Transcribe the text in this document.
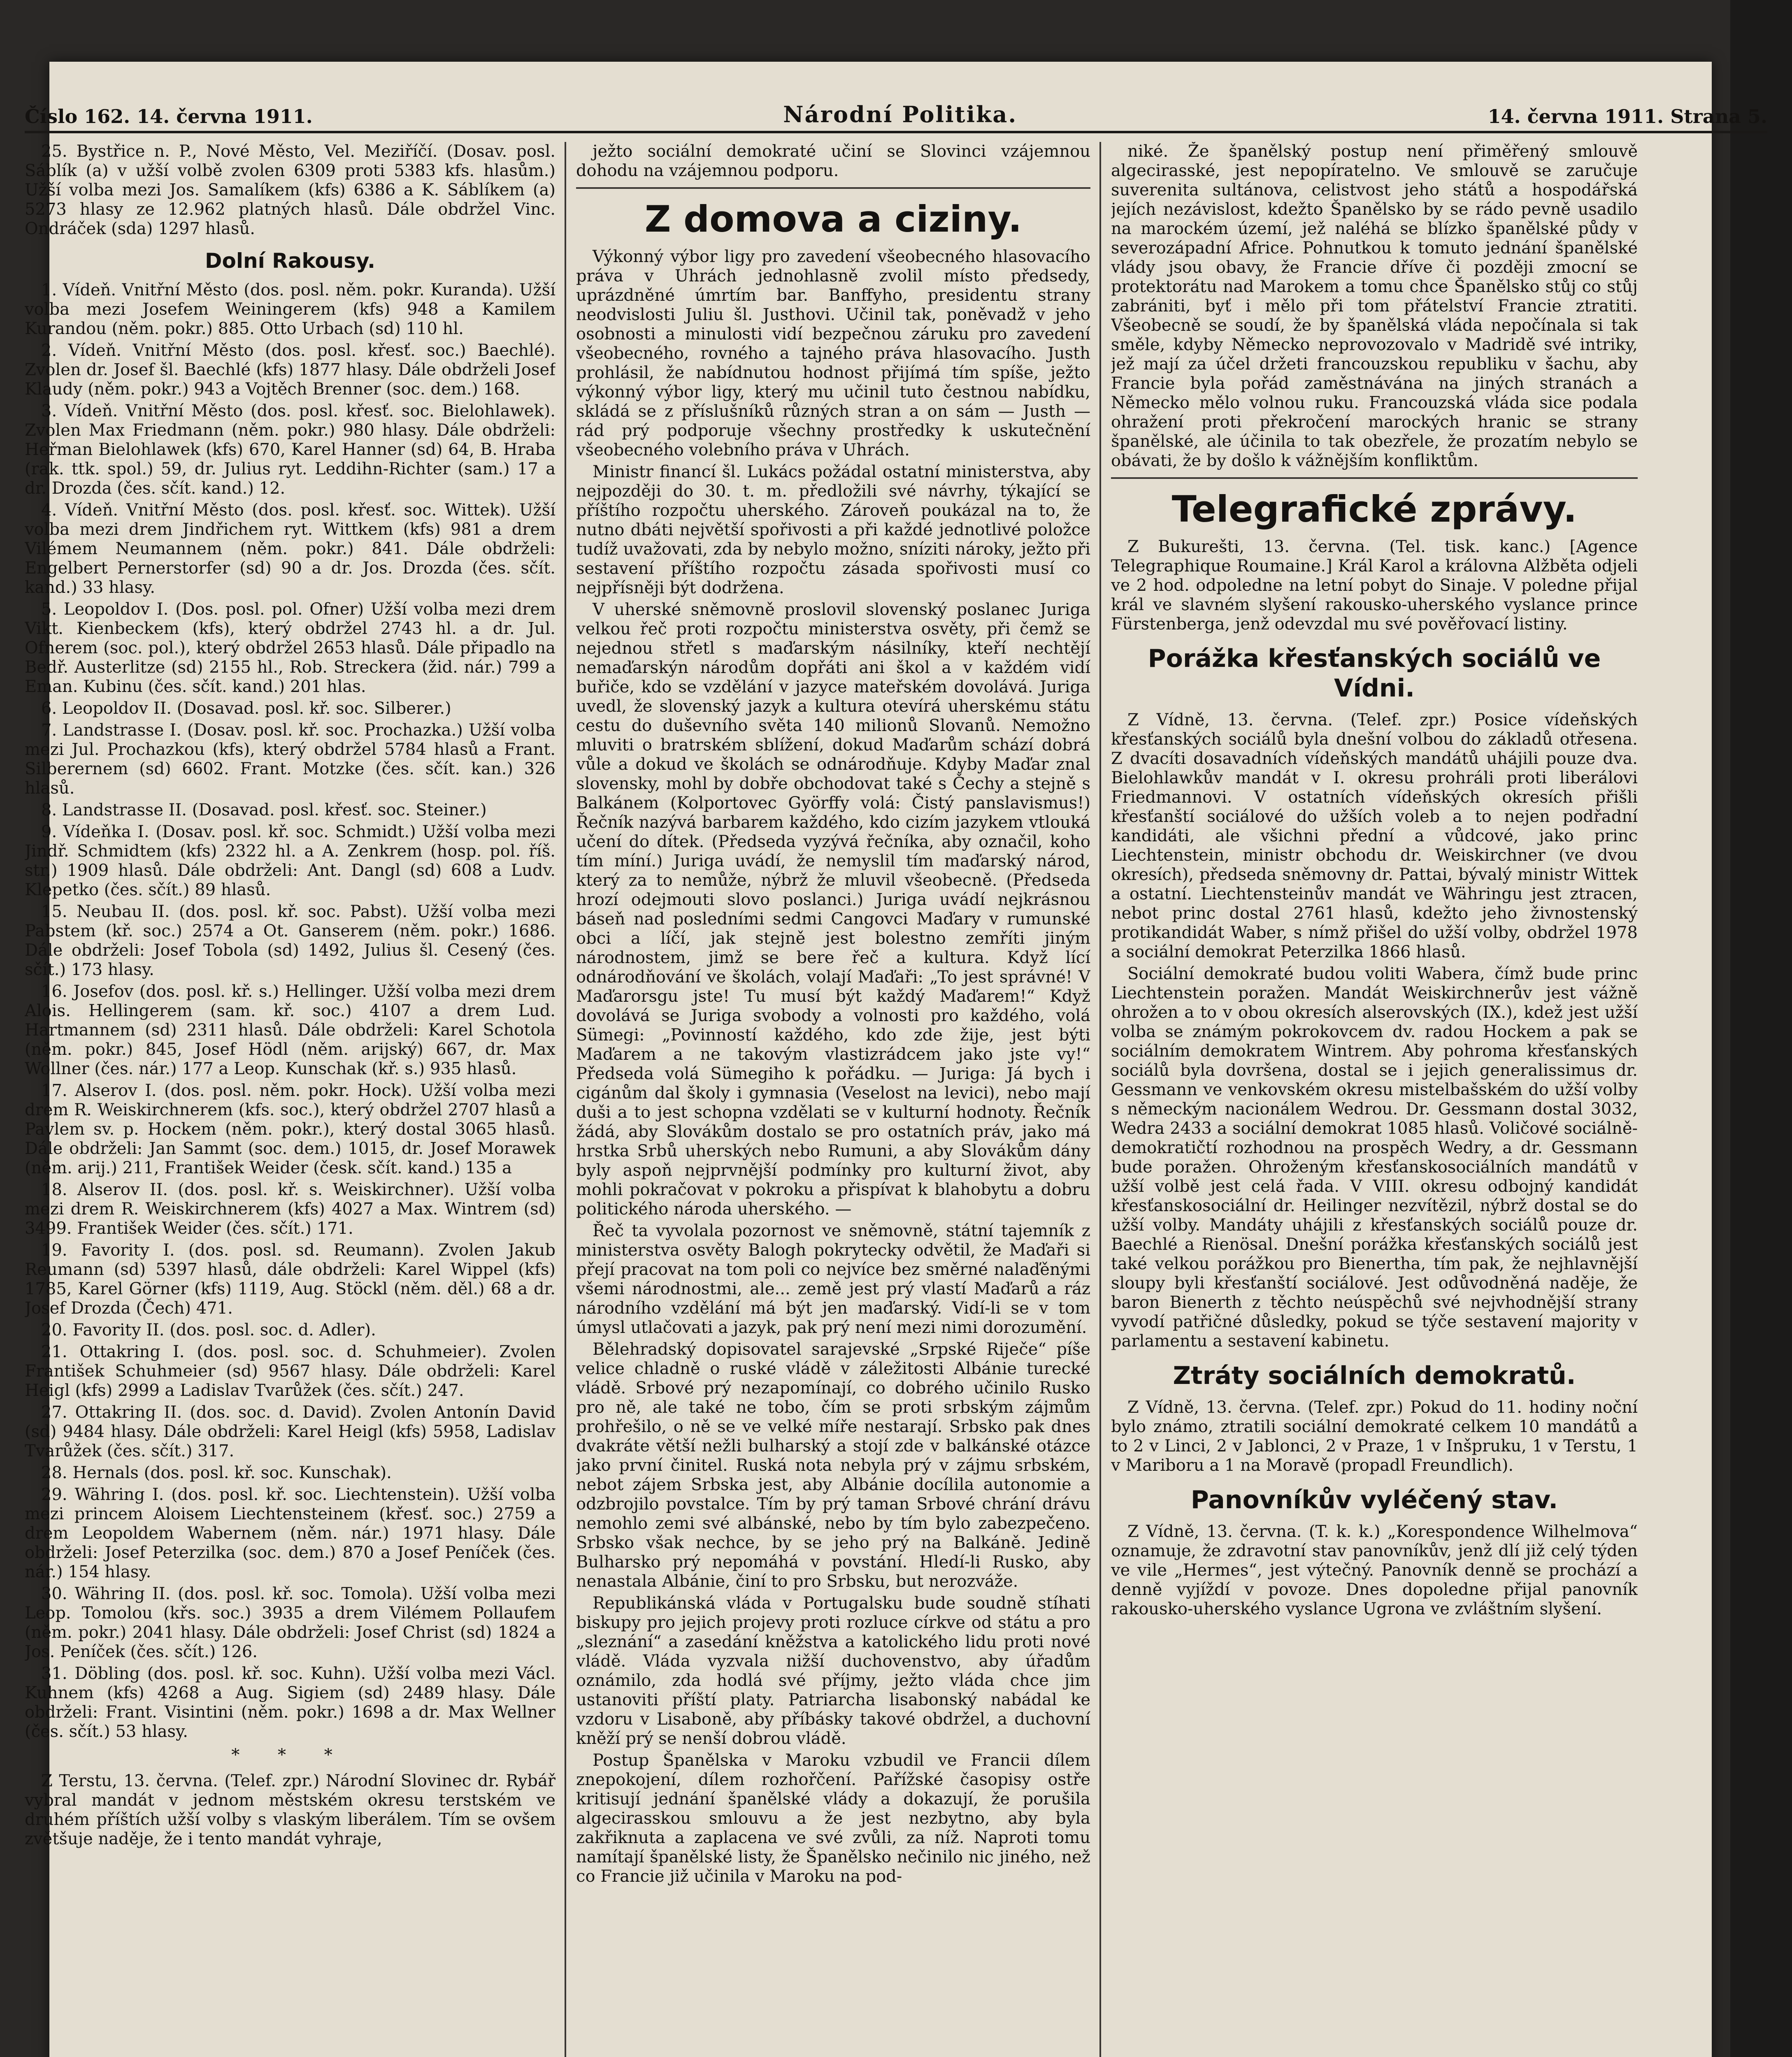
Číslo 162. 14. června 1911.	Národní Politika.	14. června 1911. Strana 5.

25. Bystřice n. P., Nové Město, Vel. Meziříčí. (Dosav. posl. Sáblík (a) v užší volbě zvolen 6309 proti 5383 kfs. hlasům.) Užší volba mezi Jos. Samalíkem (kfs) 6386 a K. Sáblíkem (a) 5273 hlasy ze 12.962 platných hlasů. Dále obdržel Vinc. Ondráček (sda) 1297 hlasů.

Dolní Rakousy.

1. Vídeň. Vnitřní Město (dos. posl. něm. pokr. Kuranda). Užší volba mezi Josefem Weiningerem (kfs) 948 a Kamilem Kurandou (něm. pokr.) 885. Otto Urbach (sd) 110 hl.

2. Vídeň. Vnitřní Město (dos. posl. křesť. soc.) Baechlé). Zvolen dr. Josef šl. Baechlé (kfs) 1877 hlasy. Dále obdrželi Josef Klaudy (něm. pokr.) 943 a Vojtěch Brenner (soc. dem.) 168.

3. Vídeň. Vnitřní Město (dos. posl. křesť. soc. Bielohlawek). Zvolen Max Friedmann (něm. pokr.) 980 hlasy. Dále obdrželi: Heřman Bielohlawek (kfs) 670, Karel Hanner (sd) 64, B. Hraba (rak. ttk. spol.) 59, dr. Julius ryt. Leddihn-Richter (sam.) 17 a dr. Drozda (čes. sčít. kand.) 12.

4. Vídeň. Vnitřní Město (dos. posl. křesť. soc. Wittek). Užší volba mezi drem Jindřichem ryt. Wittkem (kfs) 981 a drem Vilémem Neumannem (něm. pokr.) 841. Dále obdrželi: Engelbert Pernerstorfer (sd) 90 a dr. Jos. Drozda (čes. sčít. kand.) 33 hlasy.

5. Leopoldov I. (Dos. posl. pol. Ofner) Užší volba mezi drem Vikt. Kienbeckem (kfs), který obdržel 2743 hl. a dr. Jul. Ofnerem (soc. pol.), který obdržel 2653 hlasů. Dále připadlo na Bedř. Austerlitze (sd) 2155 hl., Rob. Streckera (žid. nár.) 799 a Eman. Kubinu (čes. sčít. kand.) 201 hlas.

6. Leopoldov II. (Dosavad. posl. kř. soc. Silberer.)

7. Landstrasse I. (Dosav. posl. kř. soc. Prochazka.) Užší volba mezi Jul. Prochazkou (kfs), který obdržel 5784 hlasů a Frant. Silberernem (sd) 6602. Frant. Motzke (čes. sčít. kan.) 326 hlasů.

8. Landstrasse II. (Dosavad. posl. křesť. soc. Steiner.)

9. Vídeňka I. (Dosav. posl. kř. soc. Schmidt.) Užší volba mezi Jindř. Schmidtem (kfs) 2322 hl. a A. Zenkrem (hosp. pol. říš. str.) 1909 hlasů. Dále obdrželi: Ant. Dangl (sd) 608 a Ludv. Klepetko (čes. sčít.) 89 hlasů.

15. Neubau II. (dos. posl. kř. soc. Pabst). Užší volba mezi Pabstem (kř. soc.) 2574 a Ot. Ganserem (něm. pokr.) 1686. Dále obdrželi: Josef Tobola (sd) 1492, Julius šl. Cesený (čes. sčít.) 173 hlasy.

16. Josefov (dos. posl. kř. s.) Hellinger. Užší volba mezi drem Alois. Hellingerem (sam. kř. soc.) 4107 a drem Lud. Hartmannem (sd) 2311 hlasů. Dále obdrželi: Karel Schotola (něm. pokr.) 845, Josef Hödl (něm. arijský) 667, dr. Max Wollner (čes. nár.) 177 a Leop. Kunschak (kř. s.) 935 hlasů.

17. Alserov I. (dos. posl. něm. pokr. Hock). Užší volba mezi drem R. Weiskirchnerem (kfs. soc.), který obdržel 2707 hlasů a Pavlem sv. p. Hockem (něm. pokr.), který dostal 3065 hlasů. Dále obdrželi: Jan Sammt (soc. dem.) 1015, dr. Josef Morawek (něm. arij.) 211, František Weider (česk. sčít. kand.) 135 a

18. Alserov II. (dos. posl. kř. s. Weiskirchner). Užší volba mezi drem R. Weiskirchnerem (kfs) 4027 a Max. Wintrem (sd) 3499. František Weider (čes. sčít.) 171.

19. Favority I. (dos. posl. sd. Reumann). Zvolen Jakub Reumann (sd) 5397 hlasů, dále obdrželi: Karel Wippel (kfs) 1785, Karel Görner (kfs) 1119, Aug. Stöckl (něm. děl.) 68 a dr. Josef Drozda (Čech) 471.

20. Favority II. (dos. posl. soc. d. Adler).

21. Ottakring I. (dos. posl. soc. d. Schuhmeier). Zvolen František Schuhmeier (sd) 9567 hlasy. Dále obdrželi: Karel Heigl (kfs) 2999 a Ladislav Tvarůžek (čes. sčít.) 247.

27. Ottakring II. (dos. soc. d. David). Zvolen Antonín David (sd) 9484 hlasy. Dále obdrželi: Karel Heigl (kfs) 5958, Ladislav Tvarůžek (čes. sčít.) 317.

28. Hernals (dos. posl. kř. soc. Kunschak).

29. Währing I. (dos. posl. kř. soc. Liechtenstein). Užší volba mezi princem Aloisem Liechtensteinem (křesť. soc.) 2759 a drem Leopoldem Wabernem (něm. nár.) 1971 hlasy. Dále obdrželi: Josef Peterzilka (soc. dem.) 870 a Josef Peníček (čes. nár.) 154 hlasy.

30. Währing II. (dos. posl. kř. soc. Tomola). Užší volba mezi Leop. Tomolou (křs. soc.) 3935 a drem Vilémem Pollaufem (něm. pokr.) 2041 hlasy. Dále obdrželi: Josef Christ (sd) 1824 a Jos. Peníček (čes. sčít.) 126.

31. Döbling (dos. posl. kř. soc. Kuhn). Užší volba mezi Václ. Kuhnem (kfs) 4268 a Aug. Sigiem (sd) 2489 hlasy. Dále obdrželi: Frant. Visintini (něm. pokr.) 1698 a dr. Max Wellner (čes. sčít.) 53 hlasy.

* * *

Z Terstu, 13. června. (Telef. zpr.) Národní Slovinec dr. Rybář vybral mandát v jednom městském okresu terstském ve druhém příštích užší volby s vlaským liberálem. Tím se ovšem zvětšuje naděje, že i tento mandát vyhraje,

ježto sociální demokraté učiní se Slovinci vzájemnou dohodu na vzájemnou podporu.

Z domova a ciziny.

Výkonný výbor ligy pro zavedení všeobecného hlasovacího práva v Uhrách jednohlasně zvolil místo předsedy, uprázdněné úmrtím bar. Banffyho, presidentu strany neodvislosti Juliu šl. Justhovi. Učinil tak, poněvadž v jeho osobnosti a minulosti vidí bezpečnou záruku pro zavedení všeobecného, rovného a tajného práva hlasovacího. Justh prohlásil, že nabídnutou hodnost přijímá tím spíše, ježto výkonný výbor ligy, který mu učinil tuto čestnou nabídku, skládá se z příslušníků různých stran a on sám — Justh — rád prý podporuje všechny prostředky k uskutečnění všeobecného volebního práva v Uhrách.

Ministr financí šl. Lukács požádal ostatní ministerstva, aby nejpozději do 30. t. m. předložili své návrhy, týkající se příštího rozpočtu uherského. Zároveň poukázal na to, že nutno dbáti největší spořivosti a při každé jednotlivé položce tudíž uvažovati, zda by nebylo možno, sníziti nároky, ježto při sestavení příštího rozpočtu zásada spořivosti musí co nejpřísněji být dodržena.

V uherské sněmovně proslovil slovenský poslanec Juriga velkou řeč proti rozpočtu ministerstva osvěty, při čemž se nejednou střetl s maďarským násilníky, kteří nechtějí nemaďarskýn národům dopřáti ani škol a v každém vidí buřiče, kdo se vzdělání v jazyce mateřském dovolává. Juriga uvedl, že slovenský jazyk a kultura otevírá uherskému státu cestu do duševního světa 140 milionů Slovanů. Nemožno mluviti o bratrském sblížení, dokud Maďarům schází dobrá vůle a dokud ve školách se odnárodňuje. Kdyby Maďar znal slovensky, mohl by dobře obchodovat také s Čechy a stejně s Balkánem (Kolportovec Györffy volá: Čistý panslavismus!) Řečník nazývá barbarem každého, kdo cizím jazykem vtlouká učení do dítek. (Předseda vyzývá řečníka, aby označil, koho tím míní.) Juriga uvádí, že nemyslil tím maďarský národ, který za to nemůže, nýbrž že mluvil všeobecně. (Předseda hrozí odejmouti slovo poslanci.) Juriga uvádí nejkrásnou báseň nad posledními sedmi Cangovci Maďary v rumunské obci a líčí, jak stejně jest bolestno zemříti jiným národnostem, jimž se bere řeč a kultura. Když lící odnárodňování ve školách, volají Maďaři: „To jest správné! V Maďarorsgu jste! Tu musí být každý Maďarem!“ Když dovolává se Juriga svobody a volnosti pro každého, volá Sümegi: „Povinností každého, kdo zde žije, jest býti Maďarem a ne takovým vlastizrádcem jako jste vy!“ Předseda volá Sümegiho k pořádku. — Juriga: Já bych i cigánům dal školy i gymnasia (Veselost na levici), nebo mají duši a to jest schopna vzdělati se v kulturní hodnoty. Řečník žádá, aby Slovákům dostalo se pro ostatních práv, jako má hrstka Srbů uherských nebo Rumuni, a aby Slovákům dány byly aspoň nejprvnější podmínky pro kulturní život, aby mohli pokračovat v pokroku a přispívat k blahobytu a dobru politického národa uherského. —

Řeč ta vyvolala pozornost ve sněmovně, státní tajemník z ministerstva osvěty Balogh pokrytecky odvětil, že Maďaři si přejí pracovat na tom poli co nejvíce bez směrné nalaďěnými všemi národnostmi, ale... země jest prý vlastí Maďarů a ráz národního vzdělání má být jen maďarský. Vidí-li se v tom úmysl utlačovati a jazyk, pak prý není mezi nimi dorozumění.

Bělehradský dopisovatel sarajevské „Srpské Riječe“ píše velice chladně o ruské vládě v záležitosti Albánie turecké vládě. Srbové prý nezapomínají, co dobrého učinilo Rusko pro ně, ale také ne tobo, čím se proti srbským zájmům prohřešilo, o ně se ve velké míře nestarají. Srbsko pak dnes dvakráte větší nežli bulharský a stojí zde v balkánské otázce jako první činitel. Ruská nota nebyla prý v zájmu srbském, nebot zájem Srbska jest, aby Albánie docílila autonomie a odzbrojilo povstalce. Tím by prý taman Srbové chrání drávu nemohlo zemi své albánské, nebo by tím bylo zabezpečeno. Srbsko však nechce, by se jeho prý na Balkáně. Jedině Bulharsko prý nepomáhá v povstání. Hledí-li Rusko, aby nenastala Albánie, činí to pro Srbsku, but nerozváže.

Republikánská vláda v Portugalsku bude soudně stíhati biskupy pro jejich projevy proti rozluce církve od státu a pro „sleznání“ a zasedání kněžstva a katolického lidu proti nové vládě. Vláda vyzvala nižší duchovenstvo, aby úřadům oznámilo, zda hodlá své příjmy, ježto vláda chce jim ustanoviti příští platy. Patriarcha lisabonský nabádal ke vzdoru v Lisaboně, aby příbásky takové obdržel, a duchovní kněží prý se nenší dobrou vládě.

Postup Španělska v Maroku vzbudil ve Francii dílem znepokojení, dílem rozhořčení. Pařížské časopisy ostře kritisují jednání španělské vlády a dokazují, že porušila algecirasskou smlouvu a že jest nezbytno, aby byla zakřiknuta a zaplacena ve své zvůli, za níž. Naproti tomu namítají španělské listy, že Španělsko nečinilo nic jiného, než co Francie již učinila v Maroku na pod-

niké. Že španělský postup není přiměřený smlouvě algecirasské, jest nepopíratelno. Ve smlouvě se zaručuje suverenita sultánova, celistvost jeho států a hospodářská jejích nezávislost, kdežto Španělsko by se rádo pevně usadilo na marockém území, jež naléhá se blízko španělské půdy v severozápadní Africe. Pohnutkou k tomuto jednání španělské vlády jsou obavy, že Francie dříve či později zmocní se protektorátu nad Marokem a tomu chce Španělsko stůj co stůj zabrániti, byť i mělo při tom přátelství Francie ztratiti. Všeobecně se soudí, že by španělská vláda nepočínala si tak směle, kdyby Německo neprovozovalo v Madridě své intriky, jež mají za účel držeti francouzskou republiku v šachu, aby Francie byla pořád zaměstnávána na jiných stranách a Německo mělo volnou ruku. Francouzská vláda sice podala ohražení proti překročení marockých hranic se strany španělské, ale účinila to tak obezřele, že prozatím nebylo se obávati, že by došlo k vážnějším konfliktům.

Telegrafické zprávy.

Z Bukurešti, 13. června. (Tel. tisk. kanc.) [Agence Telegraphique Roumaine.] Král Karol a královna Alžběta odjeli ve 2 hod. odpoledne na letní pobyt do Sinaje. V poledne přijal král ve slavném slyšení rakousko-uherského vyslance prince Fürstenberga, jenž odevzdal mu své pověřovací listiny.

Porážka křesťanských sociálů ve Vídni.

Z Vídně, 13. června. (Telef. zpr.) Posice vídeňských křesťanských sociálů byla dnešní volbou do základů otřesena. Z dvacíti dosavadních vídeňských mandátů uhájili pouze dva. Bielohlawkův mandát v I. okresu prohráli proti liberálovi Friedmannovi. V ostatních vídeňských okresích přišli křesťanští sociálové do užších voleb a to nejen podřadní kandidáti, ale všichni přední a vůdcové, jako princ Liechtenstein, ministr obchodu dr. Weiskirchner (ve dvou okresích), předseda sněmovny dr. Pattai, bývalý ministr Wittek a ostatní. Liechtensteinův mandát ve Währingu jest ztracen, nebot princ dostal 2761 hlasů, kdežto jeho živnostenský protikandidát Waber, s nímž přišel do užší volby, obdržel 1978 a sociální demokrat Peterzilka 1866 hlasů.

Sociální demokraté budou voliti Wabera, čímž bude princ Liechtenstein poražen. Mandát Weiskirchnerův jest vážně ohrožen a to v obou okresích alserovských (IX.), kdež jest užší volba se známým pokrokovcem dv. radou Hockem a pak se sociálním demokratem Wintrem. Aby pohroma křesťanských sociálů byla dovršena, dostal se i jejich generalissimus dr. Gessmann ve venkovském okresu mistelbašském do užší volby s německým nacionálem Wedrou. Dr. Gessmann dostal 3032, Wedra 2433 a sociální demokrat 1085 hlasů. Voličové sociálně-demokratičtí rozhodnou na prospěch Wedry, a dr. Gessmann bude poražen. Ohroženým křesťanskosociálních mandátů v užší volbě jest celá řada. V VIII. okresu odbojný kandidát křesťanskosociální dr. Heilinger nezvítězil, nýbrž dostal se do užší volby. Mandáty uhájili z křesťanských sociálů pouze dr. Baechlé a Rienösal. Dnešní porážka křesťanských sociálů jest také velkou porážkou pro Bienertha, tím pak, že nejhlavnější sloupy byli křesťanští sociálové. Jest odůvodněná naděje, že baron Bienerth z těchto neúspěchů své nejvhodnější strany vyvodí patřičné důsledky, pokud se týče sestavení majority v parlamentu a sestavení kabinetu.

Ztráty sociálních demokratů.

Z Vídně, 13. června. (Telef. zpr.) Pokud do 11. hodiny noční bylo známo, ztratili sociální demokraté celkem 10 mandátů a to 2 v Linci, 2 v Jablonci, 2 v Praze, 1 v Inšpruku, 1 v Terstu, 1 v Mariboru a 1 na Moravě (propadl Freundlich).

Panovníkův vyléčený stav.

Z Vídně, 13. června. (T. k. k.) „Korespondence Wilhelmova“ oznamuje, že zdravotní stav panovníkův, jenž dlí již celý týden ve vile „Hermes“, jest výtečný. Panovník denně se prochází a denně vyjíždí v povoze. Dnes dopoledne přijal panovník rakousko-uherského vyslance Ugrona ve zvláštním slyšení.
